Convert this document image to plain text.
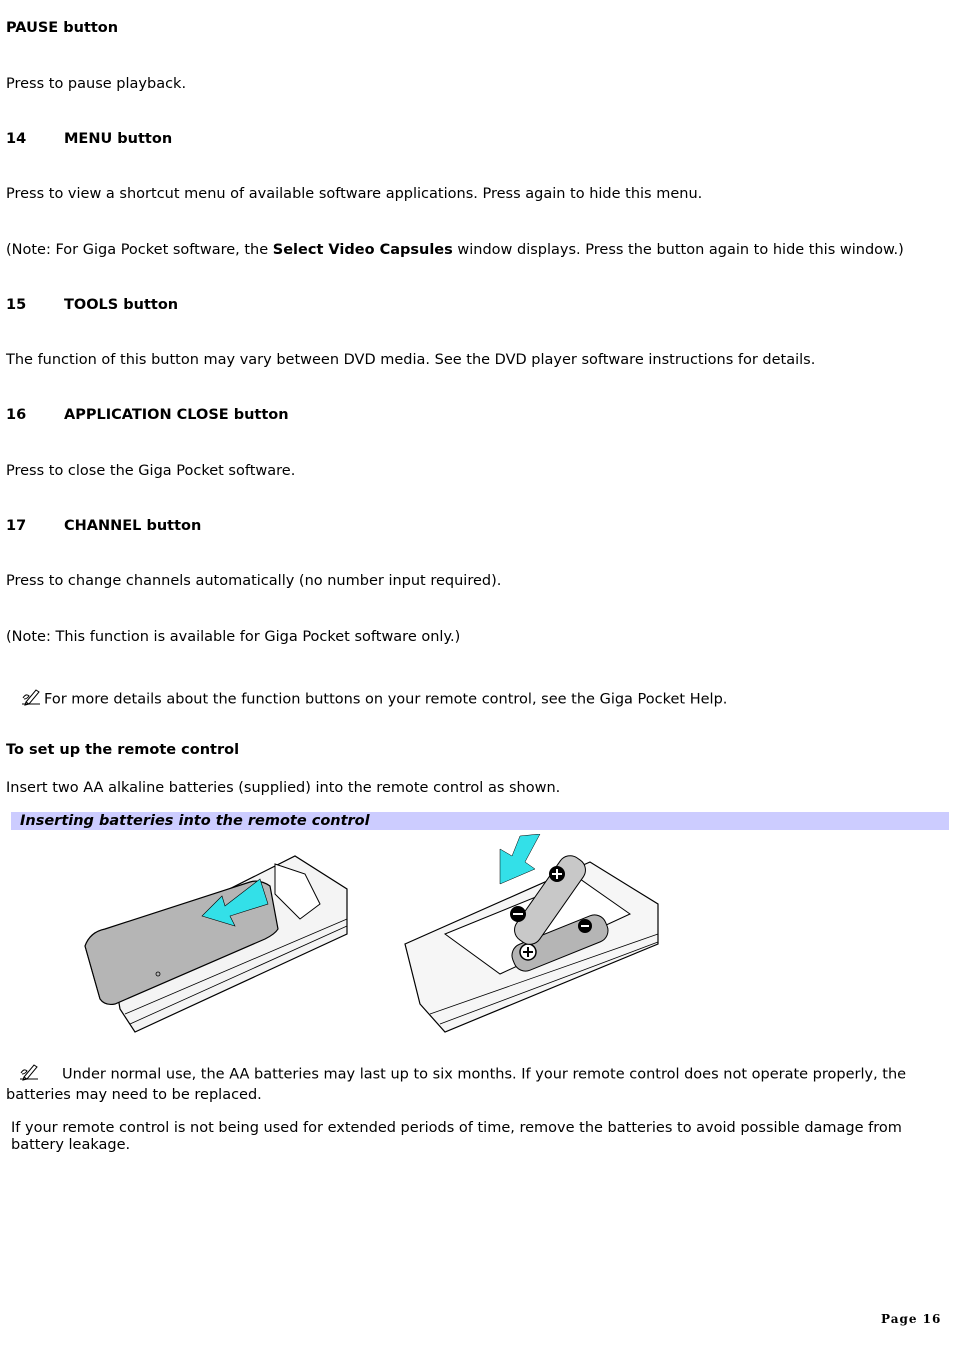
PAUSE button
Press to pause playback.
14	MENU button
Press to view a shortcut menu of available software applications. Press again to hide this menu.
(Note: For Giga Pocket software, the Select Video Capsules window displays. Press the button again to hide this window.)
15	TOOLS button
The function of this button may vary between DVD media. See the DVD player software instructions for details.
16	APPLICATION CLOSE button
Press to close the Giga Pocket software.
17	CHANNEL button
Press to change channels automatically (no number input required).
(Note: This function is available for Giga Pocket software only.)
For more details about the function buttons on your remote control, see the Giga Pocket Help.
To set up the remote control
Insert two AA alkaline batteries (supplied) into the remote control as shown.
Inserting batteries into the remote control
Under normal use, the AA batteries may last up to six months. If your remote control does not operate properly, the batteries may need to be replaced.
If your remote control is not being used for extended periods of time, remove the batteries to avoid possible damage from battery leakage.
Page 16
